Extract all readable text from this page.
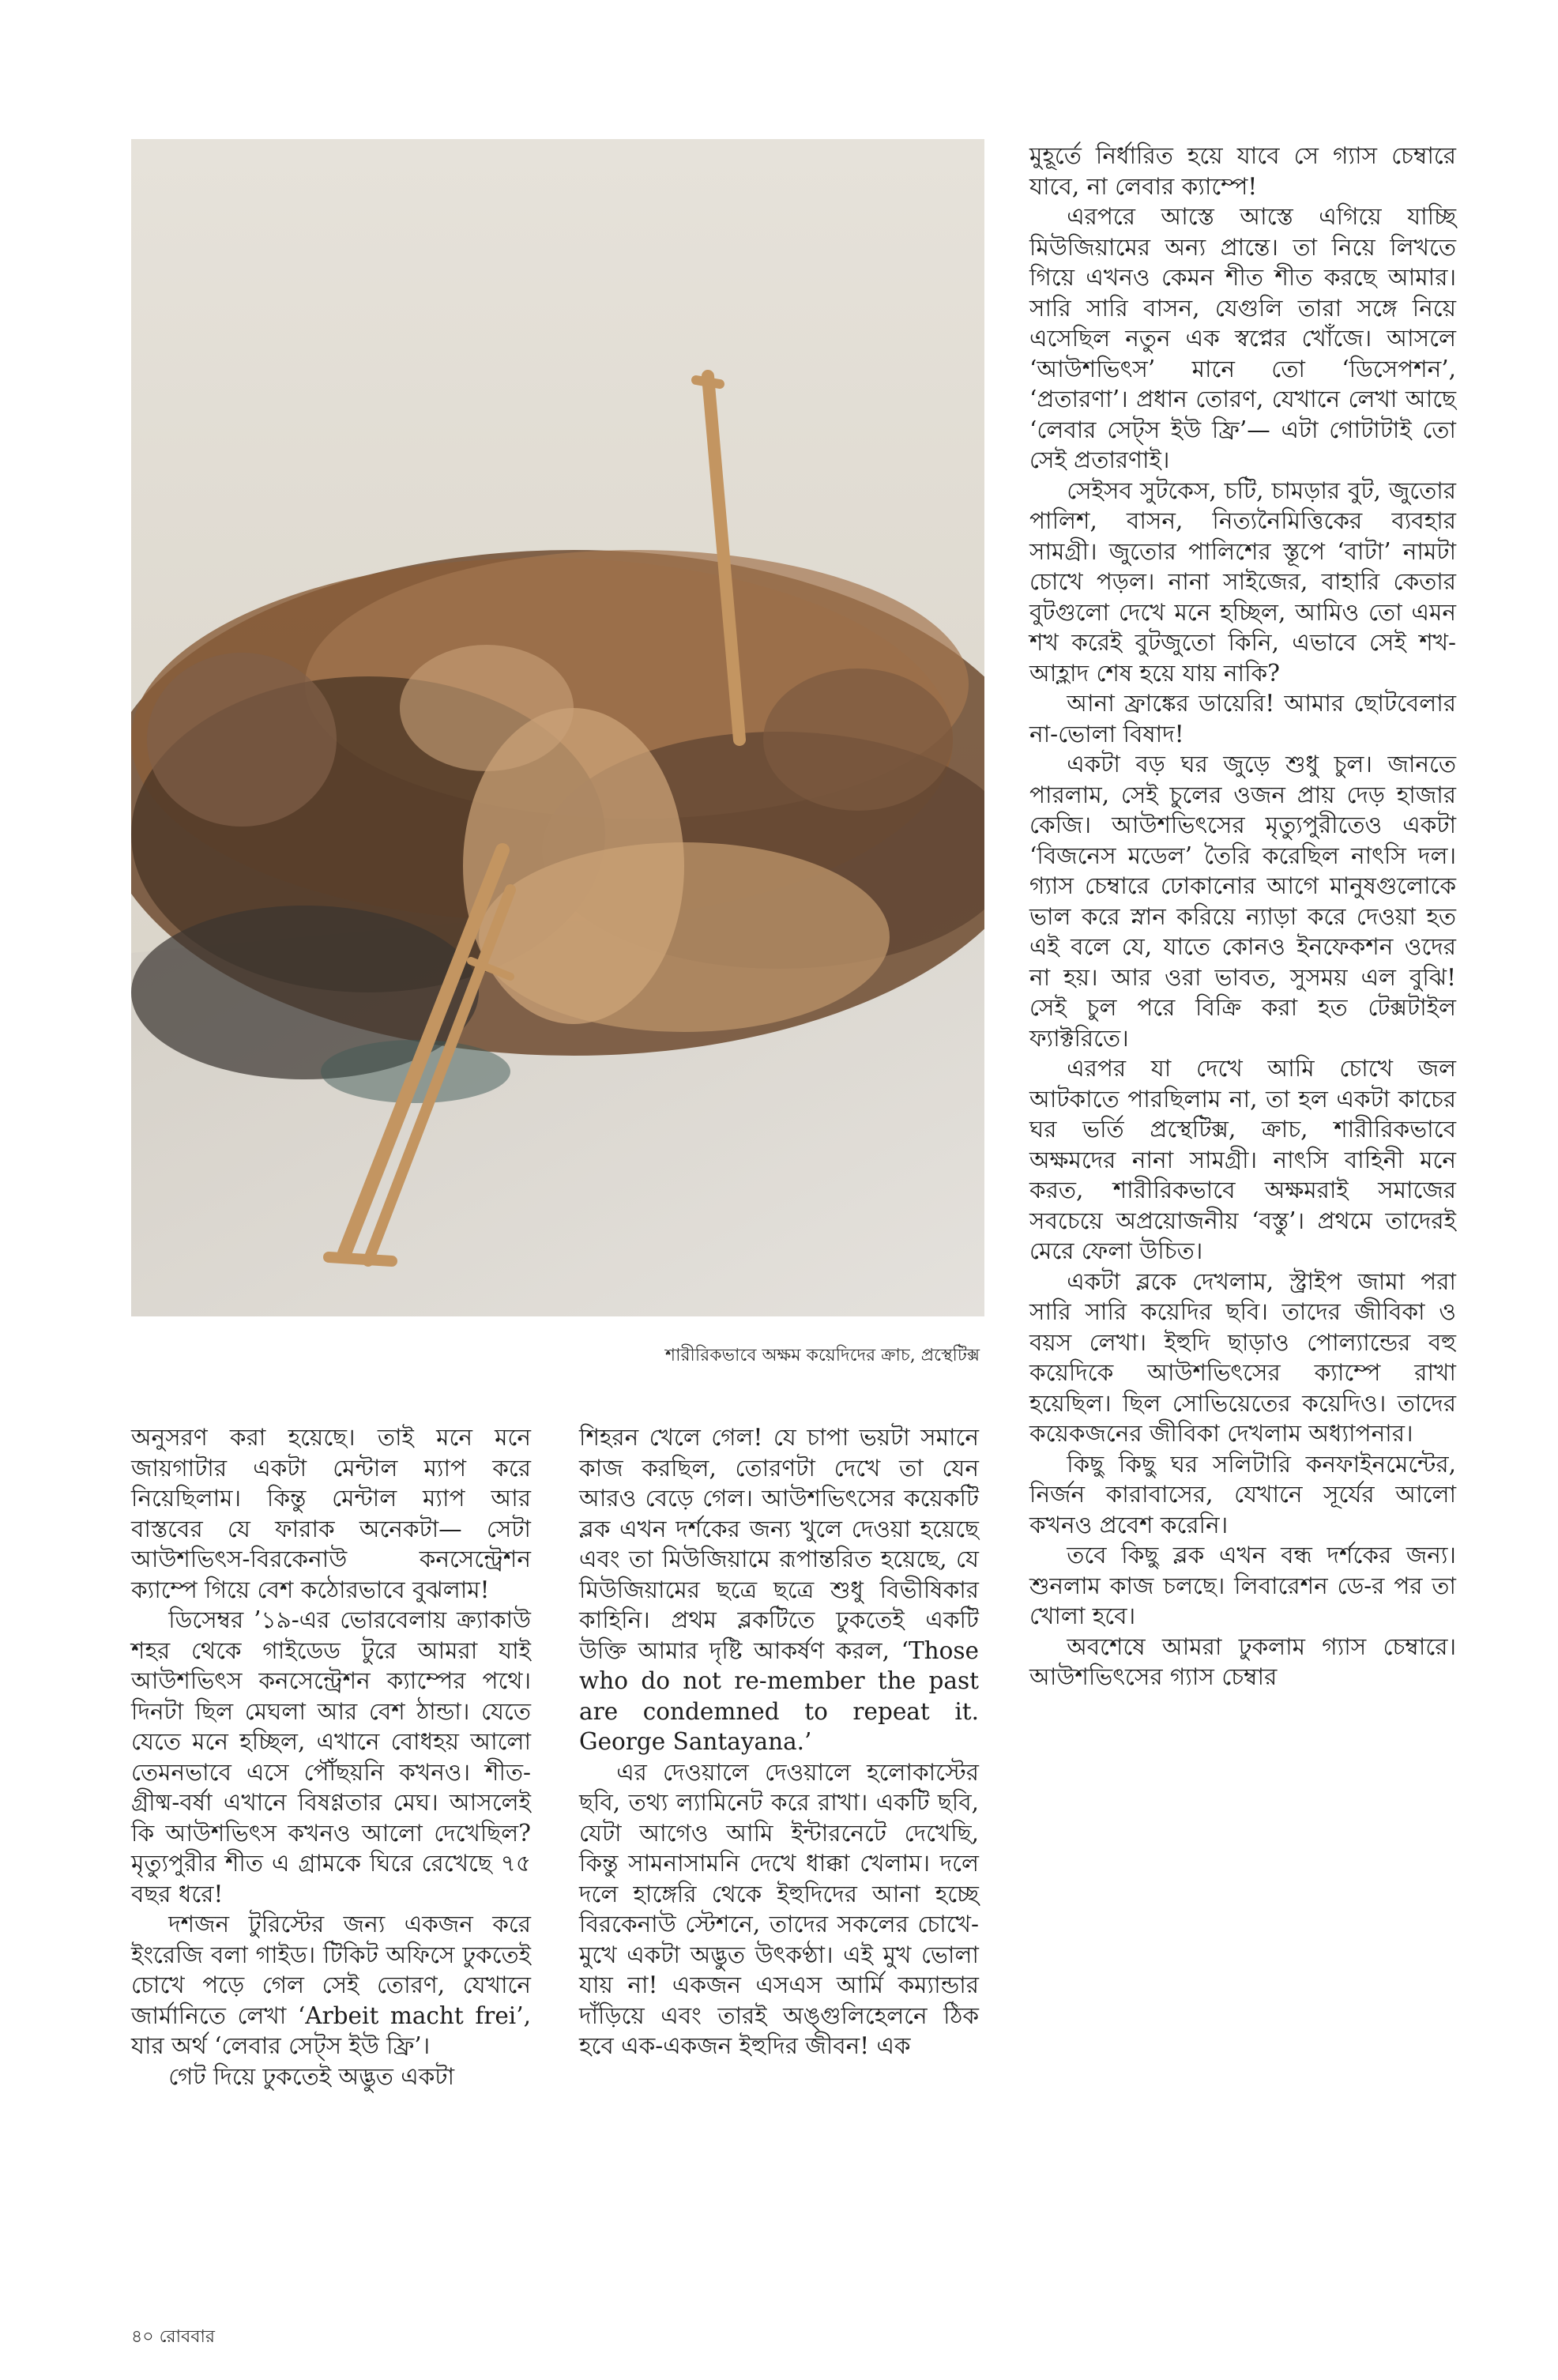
শারীরিকভাবে অক্ষম কয়েদিদের ক্রাচ, প্রস্থেটিক্স

মুহূর্তে নির্ধারিত হয়ে যাবে সে গ্যাস চেম্বারে যাবে, না লেবার ক্যাম্পে!

এরপরে আস্তে আস্তে এগিয়ে যাচ্ছি মিউজিয়ামের অন্য প্রান্তে। তা নিয়ে লিখতে গিয়ে এখনও কেমন শীত শীত করছে আমার। সারি সারি বাসন, যেগুলি তারা সঙ্গে নিয়ে এসেছিল নতুন এক স্বপ্নের খোঁজে। আসলে ‘আউশভিৎস’ মানে তো ‘ডিসেপশন’, ‘প্রতারণা’। প্রধান তোরণ, যেখানে লেখা আছে ‘লেবার সেট্স ইউ ফ্রি’— এটা গোটাটাই তো সেই প্রতারণাই।

সেইসব সুটকেস, চটি, চামড়ার বুট, জুতোর পালিশ, বাসন, নিত্যনৈমিত্তিকের ব্যবহার সামগ্রী। জুতোর পালিশের স্তূপে ‘বাটা’ নামটা চোখে পড়ল। নানা সাইজের, বাহারি কেতার বুটগুলো দেখে মনে হচ্ছিল, আমিও তো এমন শখ করেই বুটজুতো কিনি, এভাবে সেই শখ-আহ্লাদ শেষ হয়ে যায় নাকি?

আনা ফ্রাঙ্কের ডায়েরি! আমার ছোটবেলার না-ভোলা বিষাদ!

একটা বড় ঘর জুড়ে শুধু চুল। জানতে পারলাম, সেই চুলের ওজন প্রায় দেড় হাজার কেজি। আউশভিৎসের মৃত্যুপুরীতেও একটা ‘বিজনেস মডেল’ তৈরি করেছিল নাৎসি দল। গ্যাস চেম্বারে ঢোকানোর আগে মানুষগুলোকে ভাল করে স্নান করিয়ে ন্যাড়া করে দেওয়া হত এই বলে যে, যাতে কোনও ইনফেকশন ওদের না হয়। আর ওরা ভাবত, সুসময় এল বুঝি! সেই চুল পরে বিক্রি করা হত টেক্সটাইল ফ্যাক্টরিতে।

এরপর যা দেখে আমি চোখে জল আটকাতে পারছিলাম না, তা হল একটা কাচের ঘর ভর্তি প্রস্থেটিক্স, ক্রাচ, শারীরিকভাবে অক্ষমদের নানা সামগ্রী। নাৎসি বাহিনী মনে করত, শারীরিকভাবে অক্ষমরাই সমাজের সবচেয়ে অপ্রয়োজনীয় ‘বস্তু’। প্রথমে তাদেরই মেরে ফেলা উচিত।

একটা ব্লকে দেখলাম, স্ট্রাইপ জামা পরা সারি সারি কয়েদির ছবি। তাদের জীবিকা ও বয়স লেখা। ইহুদি ছাড়াও পোল্যান্ডের বহু কয়েদিকে আউশভিৎসের ক্যাম্পে রাখা হয়েছিল। ছিল সোভিয়েতের কয়েদিও। তাদের কয়েকজনের জীবিকা দেখলাম অধ্যাপনার।

কিছু কিছু ঘর সলিটারি কনফাইনমেন্টের, নির্জন কারাবাসের, যেখানে সূর্যের আলো কখনও প্রবেশ করেনি।

তবে কিছু ব্লক এখন বন্ধ দর্শকের জন্য। শুনলাম কাজ চলছে। লিবারেশন ডে-র পর তা খোলা হবে।

অবশেষে আমরা ঢুকলাম গ্যাস চেম্বারে। আউশভিৎসের গ্যাস চেম্বার

অনুসরণ করা হয়েছে। তাই মনে মনে জায়গাটার একটা মেন্টাল ম্যাপ করে নিয়েছিলাম। কিন্তু মেন্টাল ম্যাপ আর বাস্তবের যে ফারাক অনেকটা— সেটা আউশভিৎস-বিরকেনাউ কনসেন্ট্রেশন ক্যাম্পে গিয়ে বেশ কঠোরভাবে বুঝলাম!

ডিসেম্বর ’১৯-এর ভোরবেলায় ক্র্যাকাউ শহর থেকে গাইডেড টুরে আমরা যাই আউশভিৎস কনসেন্ট্রেশন ক্যাম্পের পথে। দিনটা ছিল মেঘলা আর বেশ ঠান্ডা। যেতে যেতে মনে হচ্ছিল, এখানে বোধহয় আলো তেমনভাবে এসে পৌঁছয়নি কখনও। শীত-গ্রীষ্ম-বর্ষা এখানে বিষণ্ণতার মেঘ। আসলেই কি আউশভিৎস কখনও আলো দেখেছিল? মৃত্যুপুরীর শীত এ গ্রামকে ঘিরে রেখেছে ৭৫ বছর ধরে!

দশজন টুরিস্টের জন্য একজন করে ইংরেজি বলা গাইড। টিকিট অফিসে ঢুকতেই চোখে পড়ে গেল সেই তোরণ, যেখানে জার্মানিতে লেখা ‘Arbeit macht frei’, যার অর্থ ‘লেবার সেট্স ইউ ফ্রি’।

গেট দিয়ে ঢুকতেই অদ্ভুত একটা

শিহরন খেলে গেল! যে চাপা ভয়টা সমানে কাজ করছিল, তোরণটা দেখে তা যেন আরও বেড়ে গেল। আউশভিৎসের কয়েকটি ব্লক এখন দর্শকের জন্য খুলে দেওয়া হয়েছে এবং তা মিউজিয়ামে রূপান্তরিত হয়েছে, যে মিউজিয়ামের ছত্রে ছত্রে শুধু বিভীষিকার কাহিনি। প্রথম ব্লকটিতে ঢুকতেই একটি উক্তি আমার দৃষ্টি আকর্ষণ করল, ‘Those who do not re-member the past are condemned to repeat it. George Santayana.’

এর দেওয়ালে দেওয়ালে হলোকাস্টের ছবি, তথ্য ল্যামিনেট করে রাখা। একটি ছবি, যেটা আগেও আমি ইন্টারনেটে দেখেছি, কিন্তু সামনাসামনি দেখে ধাক্কা খেলাম। দলে দলে হাঙ্গেরি থেকে ইহুদিদের আনা হচ্ছে বিরকেনাউ স্টেশনে, তাদের সকলের চোখে-মুখে একটা অদ্ভুত উৎকণ্ঠা। এই মুখ ভোলা যায় না! একজন এসএস আর্মি কম্যান্ডার দাঁড়িয়ে এবং তারই অঙ্গুলিহেলনে ঠিক হবে এক-একজন ইহুদির জীবন! এক

৪০ রোববার
